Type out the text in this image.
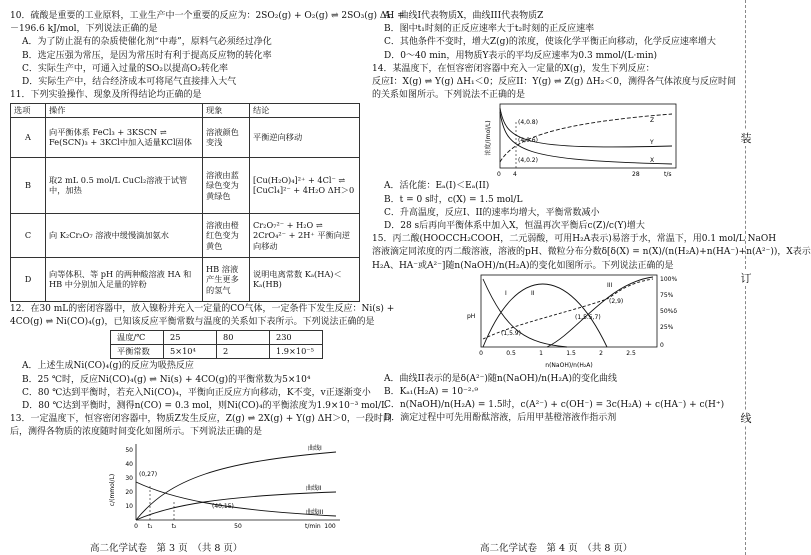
10．硫酸是重要的工业原料，工业生产中一个重要的反应为：2SO₂(g) + O₂(g) ⇌ 2SO₃(g) ΔH =

－196.6 kJ/mol，下列说法正确的是

A．为了防止混有的杂质使催化剂“中毒”，原料气必须经过净化

B．选定压强为常压，是因为常压时有利于提高反应物的转化率

C．实际生产中，可通入过量的SO₂以提高O₂转化率

D．实际生产中，结合经济成本可将尾气直接排入大气

11．下列实验操作、现象及所得结论均正确的是

选项	操作	现象	结论
A	向平衡体系 FeCl₃ + 3KSCN ⇌ Fe(SCN)₃ + 3KCl中加入适量KCl固体	溶液颜色变浅	平衡逆向移动
B	取2 mL 0.5 mol/L CuCl₂溶液于试管中，加热	溶液由蓝绿色变为黄绿色	[Cu(H₂O)₄]²⁺ + 4Cl⁻ ⇌ [CuCl₄]²⁻ + 4H₂O ΔH＞0
C	向 K₂Cr₂O₇ 溶液中缓慢滴加氨水	溶液由橙红色变为黄色	Cr₂O₇²⁻ + H₂O ⇌ 2CrO₄²⁻ + 2H⁺ 平衡向逆向移动
D	向等体积、等 pH 的两种酸溶液 HA 和 HB 中分别加入足量的锌粉	HB 溶液产生更多的氢气	说明电离常数 Kₐ(HA)＜Kₐ(HB)

12．在30 mL的密闭容器中，放入镍粉并充入一定量的CO气体，一定条件下发生反应：Ni(s) +

4CO(g) ⇌ Ni(CO)₄(g)，已知该反应平衡常数与温度的关系如下表所示。下列说法正确的是

温度/℃	25	80	230
平衡常数	5×10⁴	2	1.9×10⁻⁵

A．上述生成Ni(CO)₄(g)的反应为吸热反应

B．25 ℃时，反应Ni(CO)₄(g) ⇌ Ni(s) + 4CO(g)的平衡常数为5×10⁴

C．80 ℃达到平衡时，若充入Ni(CO)₄，平衡向正反应方向移动，K不变，v正逐渐变小

D．80 ℃达到平衡时，测得n(CO) = 0.3 mol，则Ni(CO)₄的平衡浓度为1.9×10⁻³ mol/L

13．一定温度下，恒容密闭容器中，物质Z发生反应，Z(g) ⇌ 2X(g) + Y(g) ΔH＞0，一段时间

后，测得各物质的浓度随时间变化如图所示。下列说法正确的是

c/(mmol/L)
50
40
30
20
10
0 t₁	t₂	50	100
t/min
曲线I
曲线II
曲线III
(0,27)
(40,15)

A．曲线I代表物质X，曲线III代表物质Z

B．图中t₁时刻的正反应速率大于t₂时刻的正反应速率

C．其他条件不变时，增大Z(g)的浓度，使该化学平衡正向移动，化学反应速率增大

D．0～40 min，用物质Y表示的平均反应速率为0.3 mmol/(L·min)

14．某温度下，在恒容密闭容器中充入一定量的X(g)，发生下列反应：

反应I：X(g) ⇌ Y(g) ΔH₁＜0；反应II：Y(g) ⇌ Z(g) ΔH₂＜0，测得各气体浓度与反应时间

的关系如图所示。下列说法不正确的是

浓度/(mol/L)
0 4	28	t/s
Z
Y
X
(4,0.8)
(4,0.6)
(4,0.2)

A．活化能：Eₐ(I)＜Eₐ(II)

B．t = 0 s时，c(X) = 1.5 mol/L

C．升高温度，反应I、II的速率均增大，平衡常数减小

D．28 s后再向平衡体系中加入X，恒温再次平衡后c(Z)/c(Y)增大

15．丙二酸(HOOCCH₂COOH，二元弱酸，可用H₂A表示)易溶于水，常温下，用0.1 mol/L NaOH

溶液滴定同浓度的丙二酸溶液，溶液的pH、微粒分布分数δ[δ(X) = n(X)/(n(H₂A)+n(HA⁻)+n(A²⁻))，X表示

H₂A、HA⁻或A²⁻]随n(NaOH)/n(H₂A)的变化如图所示。下列说法正确的是

pH
I	II
III
100%
75%
50%δ
25%
0
(2,9)
(1,5.5,7)
(1,5.9)
0	0.5	1	1.5	2	2.5
n(NaOH)/n(H₂A)

A．曲线II表示的是δ(A²⁻)随n(NaOH)/n(H₂A)的变化曲线

B．Kₐ₁(H₂A) = 10⁻²·⁹

C．n(NaOH)/n(H₂A) = 1.5时，c(A²⁻) + c(OH⁻) = 3c(H₂A) + c(HA⁻) + c(H⁺)

D．滴定过程中可先用酚酞溶液，后用甲基橙溶液作指示剂

高二化学试卷　第 3 页　（共 8 页）	高二化学试卷　第 4 页　（共 8 页）
装
订
线
